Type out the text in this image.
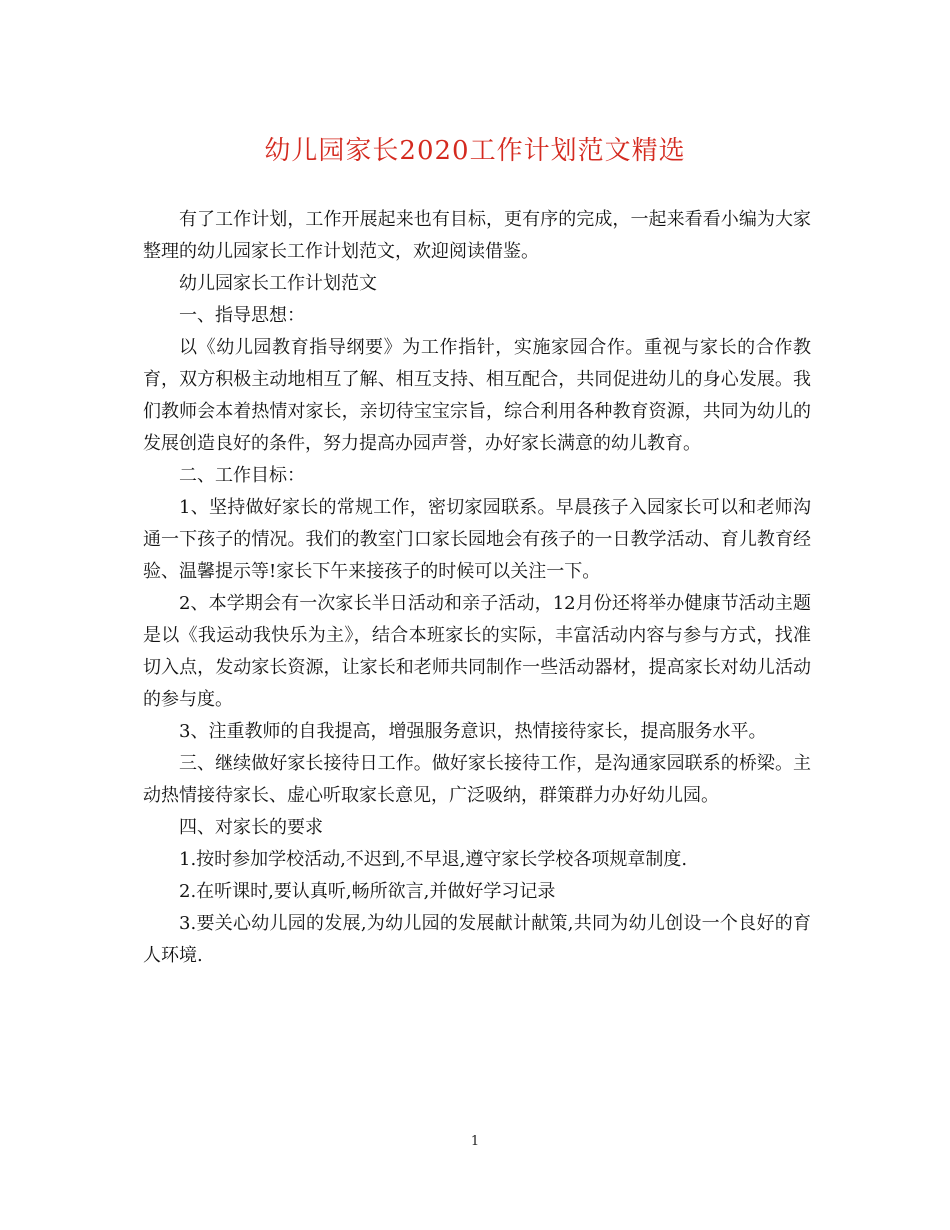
幼儿园家长2020工作计划范文精选

有了工作计划，工作开展起来也有目标，更有序的完成，一起来看看小编为大家整理的幼儿园家长工作计划范文，欢迎阅读借鉴。

幼儿园家长工作计划范文

一、指导思想：

以《幼儿园教育指导纲要》为工作指针，实施家园合作。重视与家长的合作教育，双方积极主动地相互了解、相互支持、相互配合，共同促进幼儿的身心发展。我们教师会本着热情对家长，亲切待宝宝宗旨，综合利用各种教育资源，共同为幼儿的发展创造良好的条件，努力提高办园声誉，办好家长满意的幼儿教育。

二、工作目标：

1、坚持做好家长的常规工作，密切家园联系。早晨孩子入园家长可以和老师沟通一下孩子的情况。我们的教室门口家长园地会有孩子的一日教学活动、育儿教育经验、温馨提示等!家长下午来接孩子的时候可以关注一下。

2、本学期会有一次家长半日活动和亲子活动，12月份还将举办健康节活动主题是以《我运动我快乐为主》，结合本班家长的实际，丰富活动内容与参与方式，找准切入点，发动家长资源，让家长和老师共同制作一些活动器材，提高家长对幼儿活动的参与度。

3、注重教师的自我提高，增强服务意识，热情接待家长，提高服务水平。

三、继续做好家长接待日工作。做好家长接待工作，是沟通家园联系的桥梁。主动热情接待家长、虚心听取家长意见，广泛吸纳，群策群力办好幼儿园。

四、对家长的要求

1.按时参加学校活动,不迟到,不早退,遵守家长学校各项规章制度.

2.在听课时,要认真听,畅所欲言,并做好学习记录

3.要关心幼儿园的发展,为幼儿园的发展献计献策,共同为幼儿创设一个良好的育人环境.

1
